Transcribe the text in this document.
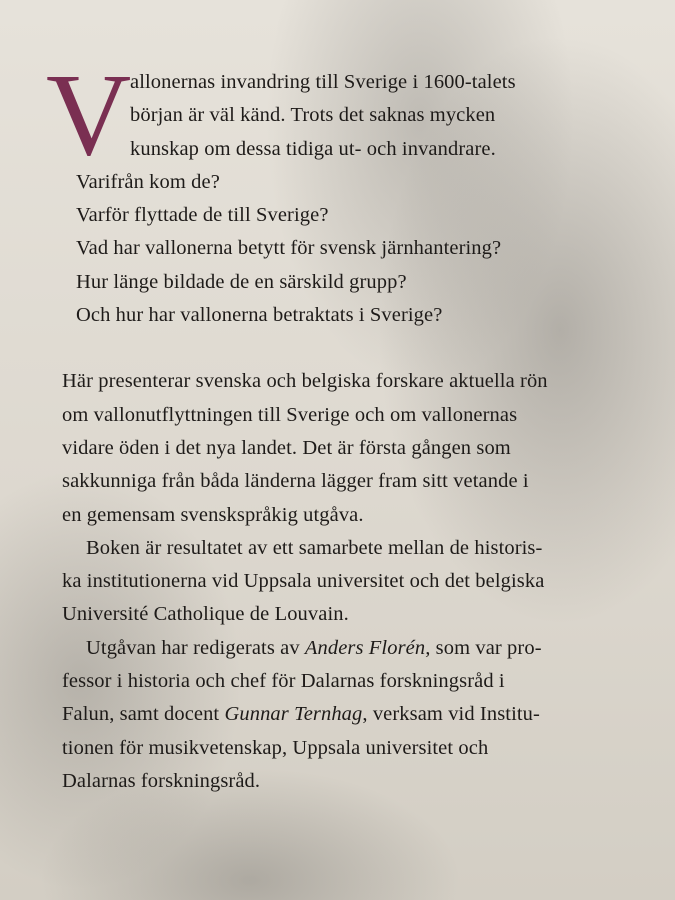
V
allonernas invandring till Sverige i 1600-talets
början är väl känd. Trots det saknas mycken
kunskap om dessa tidiga ut- och invandrare.
Varifrån kom de?
Varför flyttade de till Sverige?
Vad har vallonerna betytt för svensk järnhantering?
Hur länge bildade de en särskild grupp?
Och hur har vallonerna betraktats i Sverige?
Här presenterar svenska och belgiska forskare aktuella rön
om vallonutflyttningen till Sverige och om vallonernas
vidare öden i det nya landet. Det är första gången som
sakkunniga från båda länderna lägger fram sitt vetande i
en gemensam svenskspråkig utgåva.
Boken är resultatet av ett samarbete mellan de historis-
ka institutionerna vid Uppsala universitet och det belgiska
Université Catholique de Louvain.
Utgåvan har redigerats av Anders Florén, som var pro-
fessor i historia och chef för Dalarnas forskningsråd i
Falun, samt docent Gunnar Ternhag, verksam vid Institu-
tionen för musikvetenskap, Uppsala universitet och
Dalarnas forskningsråd.
